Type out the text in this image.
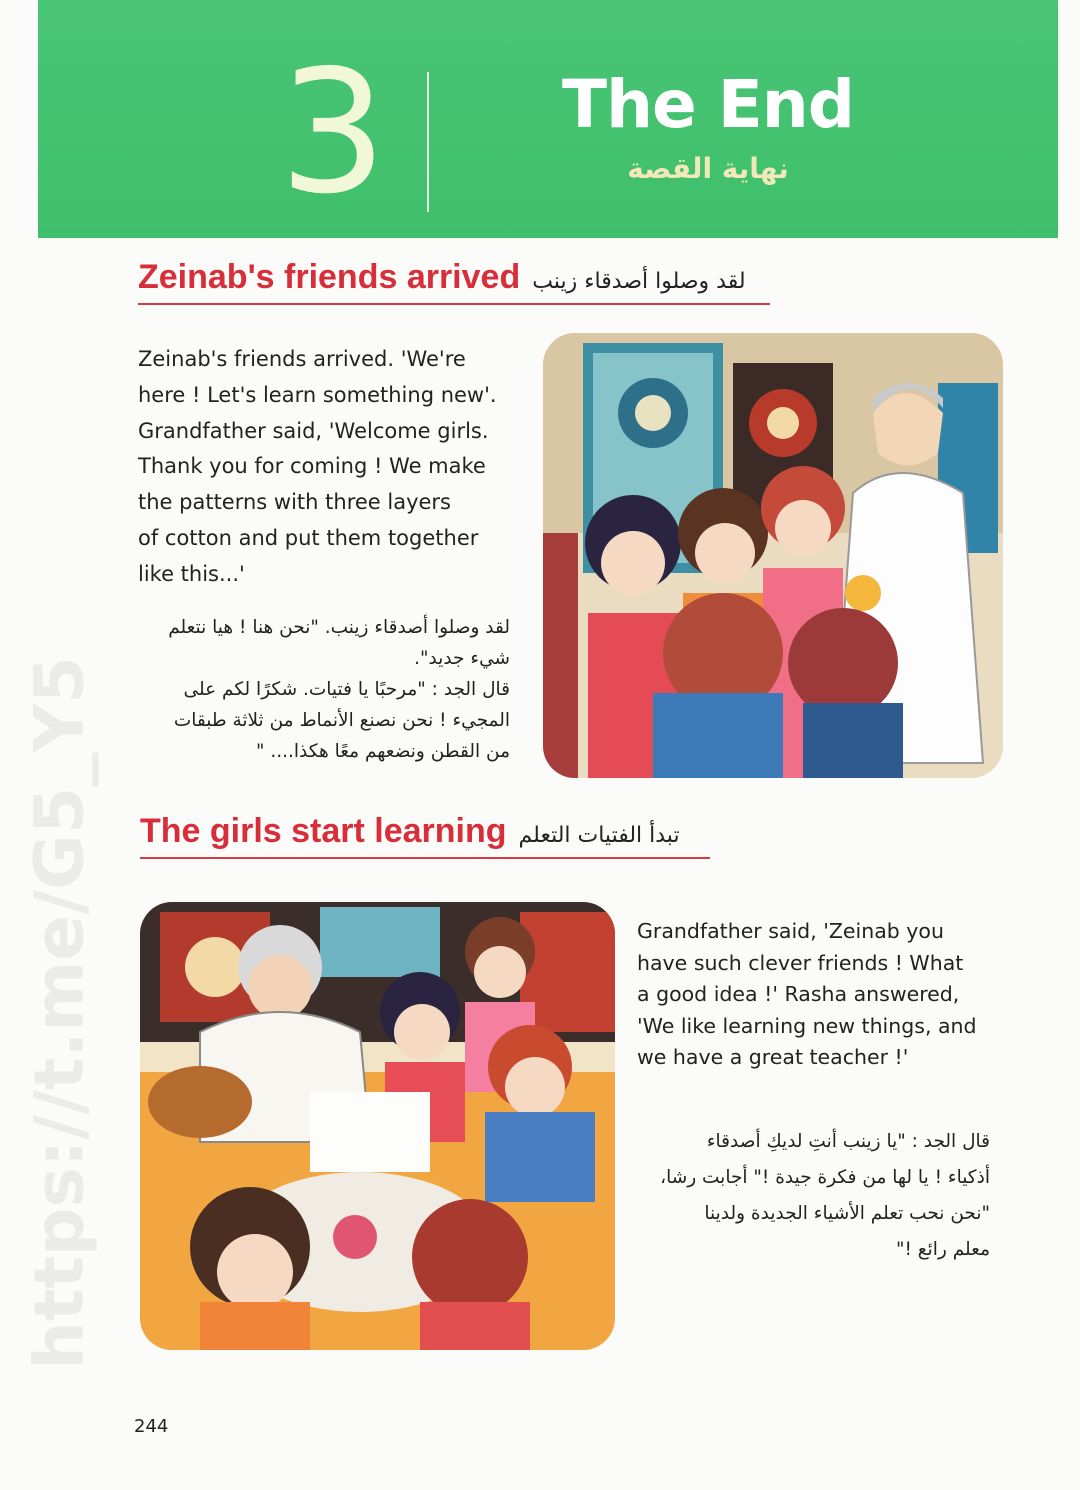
3	The End
نهاية القصة
https://t.me/G5_Y5
Zeinab's friends arrived لقد وصلوا أصدقاء زينب

Zeinab's friends arrived. 'We're

here ! Let's learn something new'.

Grandfather said, 'Welcome girls.

Thank you for coming ! We make

the patterns with three layers

of cotton and put them together

like this...'

لقد وصلوا أصدقاء زينب. "نحن هنا ! هيا نتعلم

شيء جديد".

قال الجد : "مرحبًا يا فتيات. شكرًا لكم على

المجيء ! نحن نصنع الأنماط من ثلاثة طبقات

من القطن ونضعهم معًا هكذا.... "

The girls start learning تبدأ الفتيات التعلم

Grandfather said, 'Zeinab you

have such clever friends ! What

a good idea !' Rasha answered,

'We like learning new things, and

we have a great teacher !'

قال الجد : "يا زينب أنتِ لديكِ أصدقاء

أذكياء ! يا لها من فكرة جيدة !" أجابت رشا،

"نحن نحب تعلم الأشياء الجديدة ولدينا

معلم رائع !"

244
